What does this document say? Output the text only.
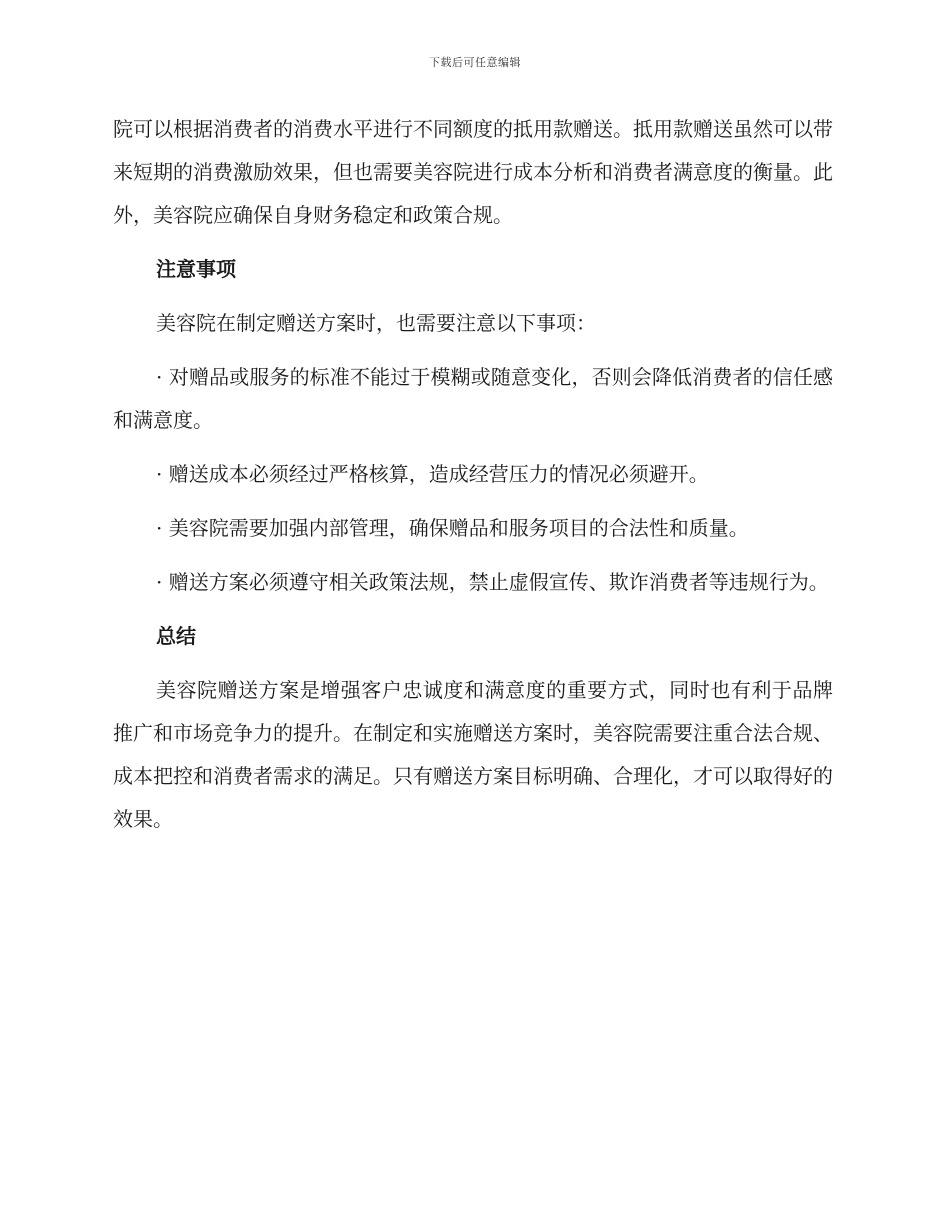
下载后可任意编辑

院可以根据消费者的消费水平进行不同额度的抵用款赠送。抵用款赠送虽然可以带来短期的消费激励效果，但也需要美容院进行成本分析和消费者满意度的衡量。此外，美容院应确保自身财务稳定和政策合规。

注意事项

美容院在制定赠送方案时，也需要注意以下事项：

· 对赠品或服务的标准不能过于模糊或随意变化，否则会降低消费者的信任感和满意度。

· 赠送成本必须经过严格核算，造成经营压力的情况必须避开。

· 美容院需要加强内部管理，确保赠品和服务项目的合法性和质量。

· 赠送方案必须遵守相关政策法规，禁止虚假宣传、欺诈消费者等违规行为。

总结

美容院赠送方案是增强客户忠诚度和满意度的重要方式，同时也有利于品牌推广和市场竞争力的提升。在制定和实施赠送方案时，美容院需要注重合法合规、成本把控和消费者需求的满足。只有赠送方案目标明确、合理化，才可以取得好的效果。
